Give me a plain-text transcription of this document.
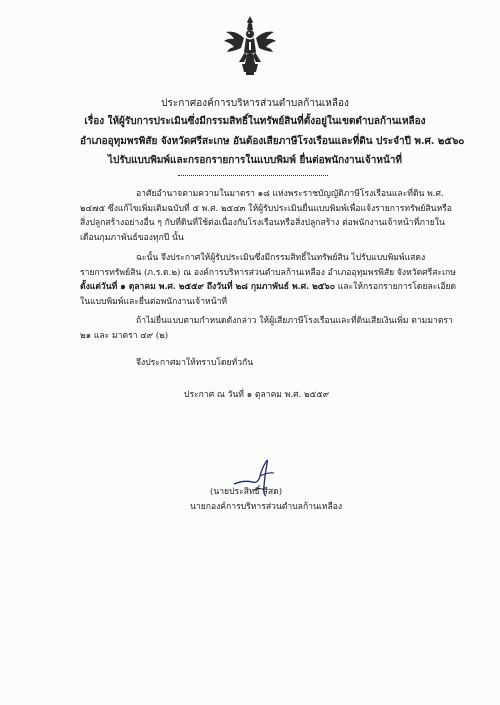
ประกาศองค์การบริหารส่วนตำบลก้านเหลือง
เรื่อง ให้ผู้รับการประเมินซึ่งมีกรรมสิทธิ์ในทรัพย์สินที่ตั้งอยู่ในเขตตำบลก้านเหลือง
อำเภออุทุมพรพิสัย จังหวัดศรีสะเกษ อันต้องเสียภาษีโรงเรือนและที่ดิน ประจำปี พ.ศ. ๒๕๖๐
ไปรับแบบพิมพ์และกรอกรายการในแบบพิมพ์ ยื่นต่อพนักงานเจ้าหน้าที่
อาศัยอำนาจตามความในมาตรา ๑๘ แห่งพระราชบัญญัติภาษีโรงเรือนและที่ดิน พ.ศ.
๒๔๗๕ ซึ่งแก้ไขเพิ่มเติมฉบับที่ ๕ พ.ศ. ๒๕๔๓ ให้ผู้รับประเมินยื่นแบบพิมพ์เพื่อแจ้งรายการทรัพย์สินหรือ
สิ่งปลูกสร้างอย่างอื่น ๆ กับที่ดินที่ใช้ต่อเนื่องกับโรงเรือนหรือสิ่งปลูกสร้าง ต่อพนักงานเจ้าหน้าที่ภายใน
เดือนกุมภาพันธ์ของทุกปี นั้น
ฉะนั้น จึงประกาศให้ผู้รับประเมินซึ่งมีกรรมสิทธิ์ในทรัพย์สิน ไปรับแบบพิมพ์แสดง
รายการทรัพย์สิน (ภ.ร.ด.๒) ณ องค์การบริหารส่วนตำบลก้านเหลือง อำเภออุทุมพรพิสัย จังหวัดศรีสะเกษ
ตั้งแต่วันที่ ๑ ตุลาคม พ.ศ. ๒๕๕๙ ถึงวันที่ ๒๘ กุมภาพันธ์ พ.ศ. ๒๕๖๐ และให้กรอกรายการโดยละเอียด
ในแบบพิมพ์และยื่นต่อพนักงานเจ้าหน้าที่
ถ้าไม่ยื่นแบบตามกำหนดดังกล่าว ให้ผู้เสียภาษีโรงเรือนและที่ดินเสียเงินเพิ่ม ตามมาตรา
๒๑ และ มาตรา ๔๙ (๒)
จึงประกาศมาให้ทราบโดยทั่วกัน
ประกาศ ณ วันที่ ๑ ตุลาคม พ.ศ. ๒๕๕๙
(นายประสิทธิ์ สีสด)
นายกองค์การบริหารส่วนตำบลก้านเหลือง
